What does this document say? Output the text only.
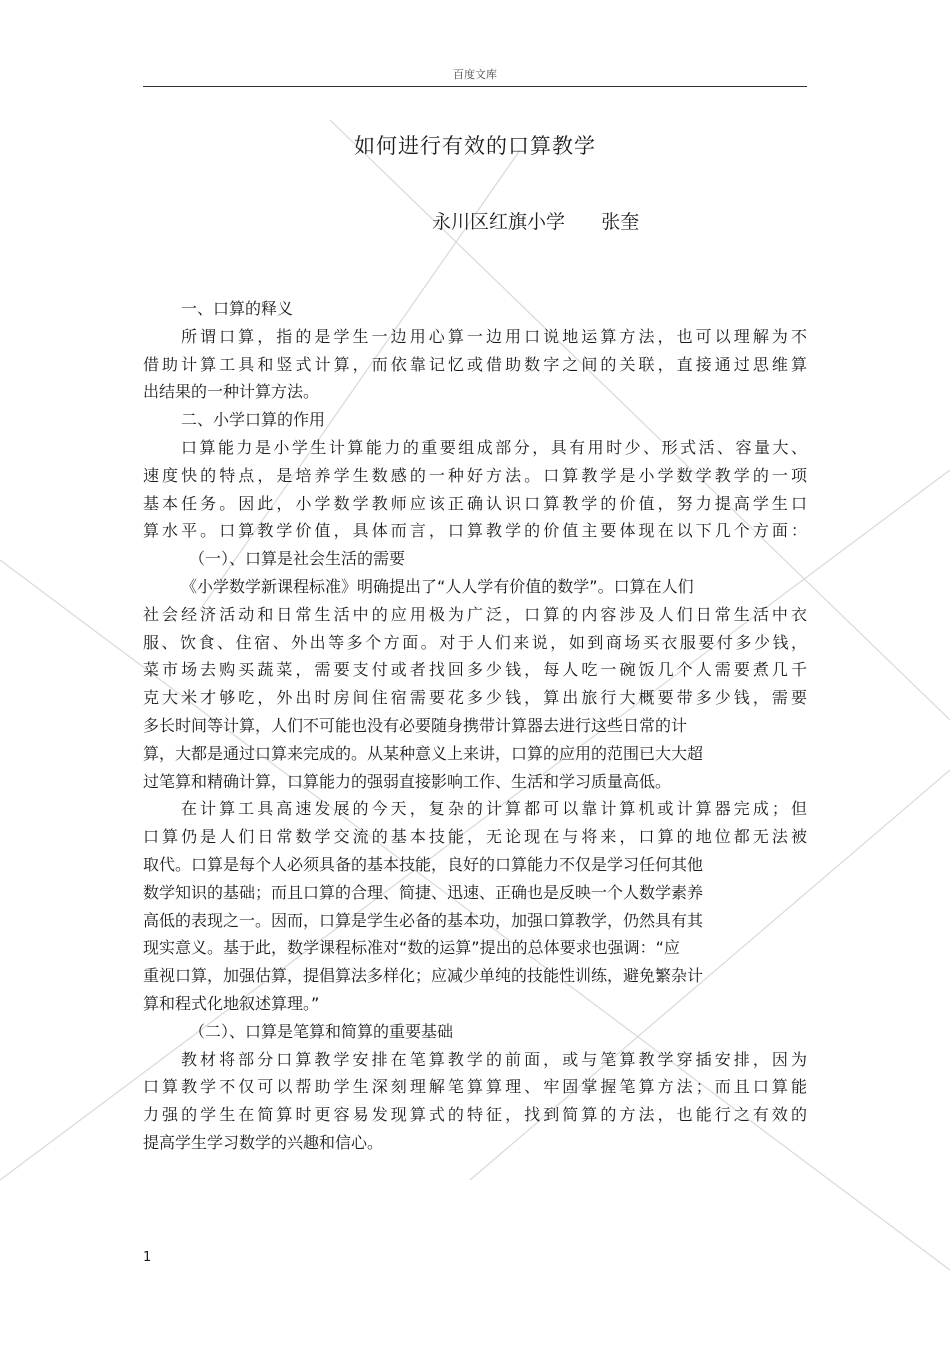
百度文库
如何进行有效的口算教学
永川区红旗小学 张奎
一、口算的释义
所谓口算，指的是学生一边用心算一边用口说地运算方法，也可以理解为不
借助计算工具和竖式计算，而依靠记忆或借助数字之间的关联，直接通过思维算
出结果的一种计算方法。
二、小学口算的作用
口算能力是小学生计算能力的重要组成部分，具有用时少、形式活、容量大、
速度快的特点，是培养学生数感的一种好方法。口算教学是小学数学教学的一项
基本任务。因此，小学数学教师应该正确认识口算教学的价值，努力提高学生口
算水平。口算教学价值，具体而言，口算教学的价值主要体现在以下几个方面：
（一）、口算是社会生活的需要
《小学数学新课程标准》明确提出了“人人学有价值的数学”。口算在人们
社会经济活动和日常生活中的应用极为广泛，口算的内容涉及人们日常生活中衣
服、饮食、住宿、外出等多个方面。对于人们来说，如到商场买衣服要付多少钱，
菜市场去购买蔬菜，需要支付或者找回多少钱，每人吃一碗饭几个人需要煮几千
克大米才够吃，外出时房间住宿需要花多少钱，算出旅行大概要带多少钱，需要
多长时间等计算，人们不可能也没有必要随身携带计算器去进行这些日常的计
算，大都是通过口算来完成的。从某种意义上来讲，口算的应用的范围已大大超
过笔算和精确计算，口算能力的强弱直接影响工作、生活和学习质量高低。
在计算工具高速发展的今天，复杂的计算都可以靠计算机或计算器完成；但
口算仍是人们日常数学交流的基本技能，无论现在与将来，口算的地位都无法被
取代。口算是每个人必须具备的基本技能，良好的口算能力不仅是学习任何其他
数学知识的基础；而且口算的合理、简捷、迅速、正确也是反映一个人数学素养
高低的表现之一。因而，口算是学生必备的基本功，加强口算教学，仍然具有其
现实意义。基于此，数学课程标准对“数的运算”提出的总体要求也强调：“应
重视口算，加强估算，提倡算法多样化；应减少单纯的技能性训练，避免繁杂计
算和程式化地叙述算理。”
（二）、口算是笔算和简算的重要基础
教材将部分口算教学安排在笔算教学的前面，或与笔算教学穿插安排，因为
口算教学不仅可以帮助学生深刻理解笔算算理、牢固掌握笔算方法；而且口算能
力强的学生在简算时更容易发现算式的特征，找到简算的方法，也能行之有效的
提高学生学习数学的兴趣和信心。
1
